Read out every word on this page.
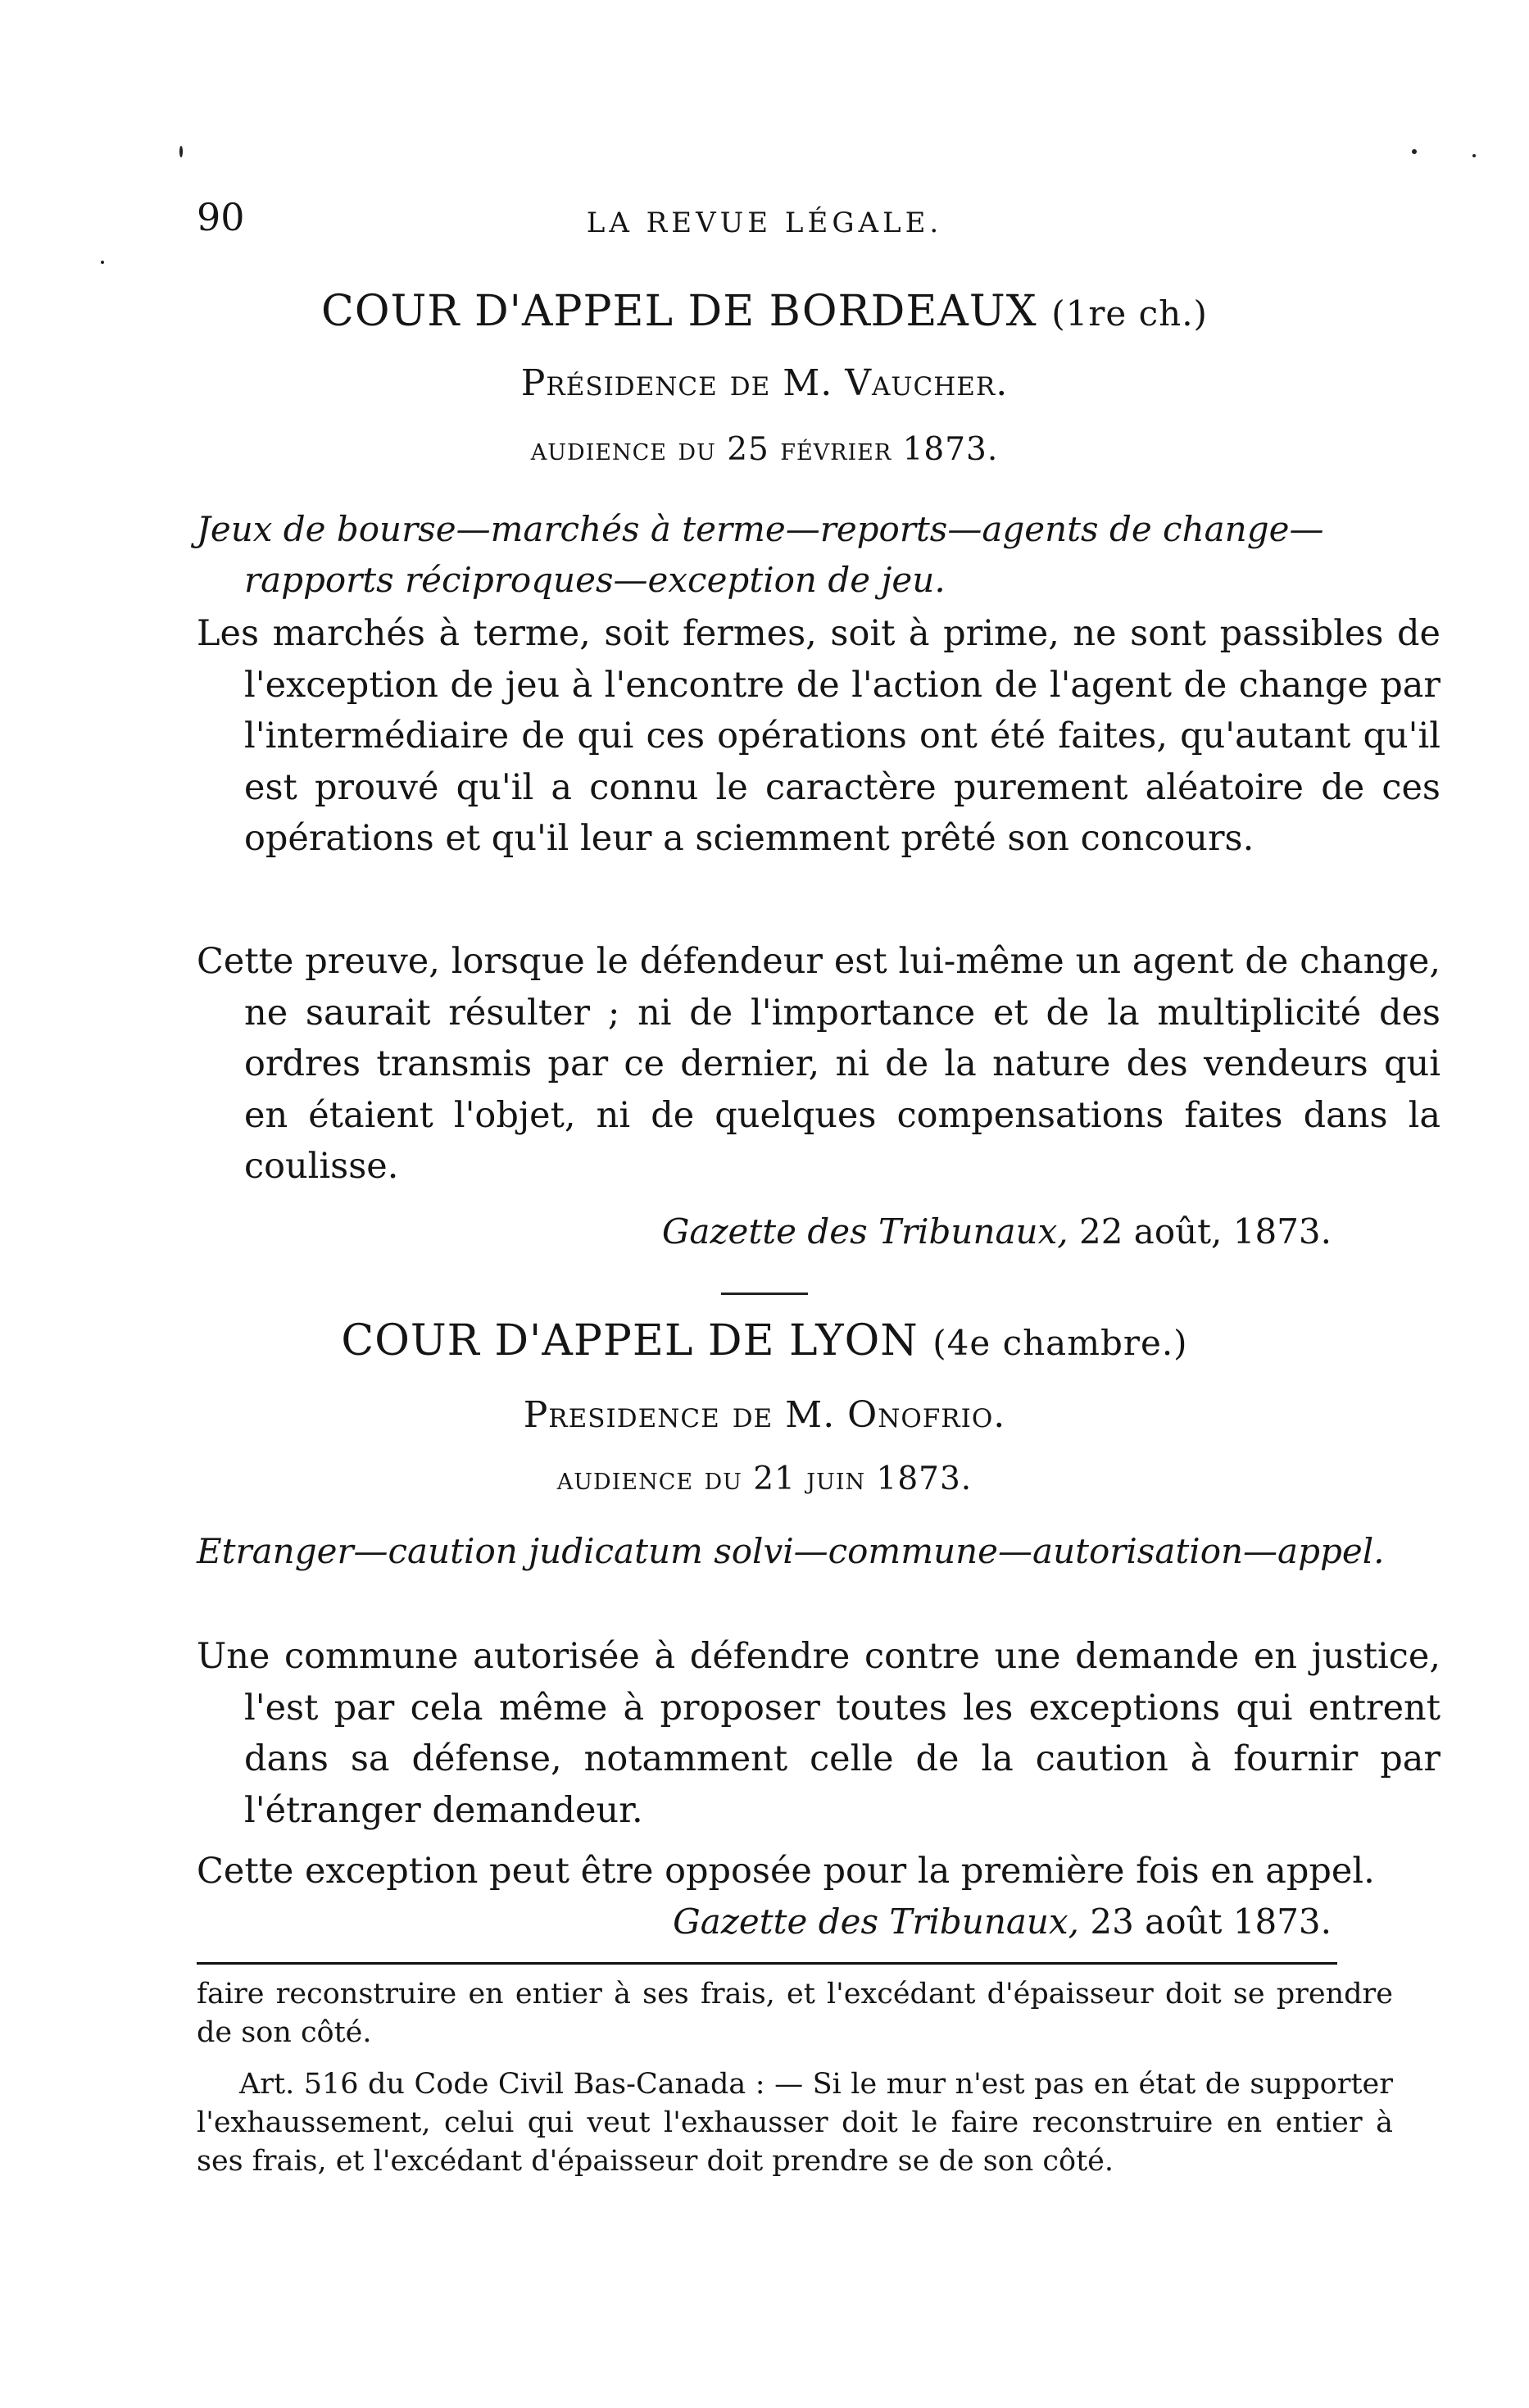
90	LA REVUE LÉGALE.
COUR D'APPEL DE BORDEAUX (1re ch.)
Présidence de M. Vaucher.
audience du 25 février 1873.

Jeux de bourse—marchés à terme—reports—agents de change—rapports réciproques—exception de jeu.

Les marchés à terme, soit fermes, soit à prime, ne sont passibles de l'exception de jeu à l'encontre de l'action de l'agent de change par l'intermédiaire de qui ces opérations ont été faites, qu'autant qu'il est prouvé qu'il a connu le caractère purement aléatoire de ces opérations et qu'il leur a sciemment prêté son concours.

Cette preuve, lorsque le défendeur est lui-même un agent de change, ne saurait résulter ; ni de l'importance et de la multiplicité des ordres transmis par ce dernier, ni de la nature des vendeurs qui en étaient l'objet, ni de quelques compensations faites dans la coulisse.

Gazette des Tribunaux, 22 août, 1873.
COUR D'APPEL DE LYON (4e chambre.)
Presidence de M. Onofrio.
audience du 21 juin 1873.

Etranger—caution judicatum solvi—commune—autorisation—appel.

Une commune autorisée à défendre contre une demande en justice, l'est par cela même à proposer toutes les exceptions qui entrent dans sa défense, notamment celle de la caution à fournir par l'étranger demandeur.

Cette exception peut être opposée pour la première fois en appel.

Gazette des Tribunaux, 23 août 1873.

faire reconstruire en entier à ses frais, et l'excédant d'épaisseur doit se prendre de son côté.

Art. 516 du Code Civil Bas-Canada : — Si le mur n'est pas en état de supporter l'exhaussement, celui qui veut l'exhausser doit le faire reconstruire en entier à ses frais, et l'excédant d'épaisseur doit prendre se de son côté.
